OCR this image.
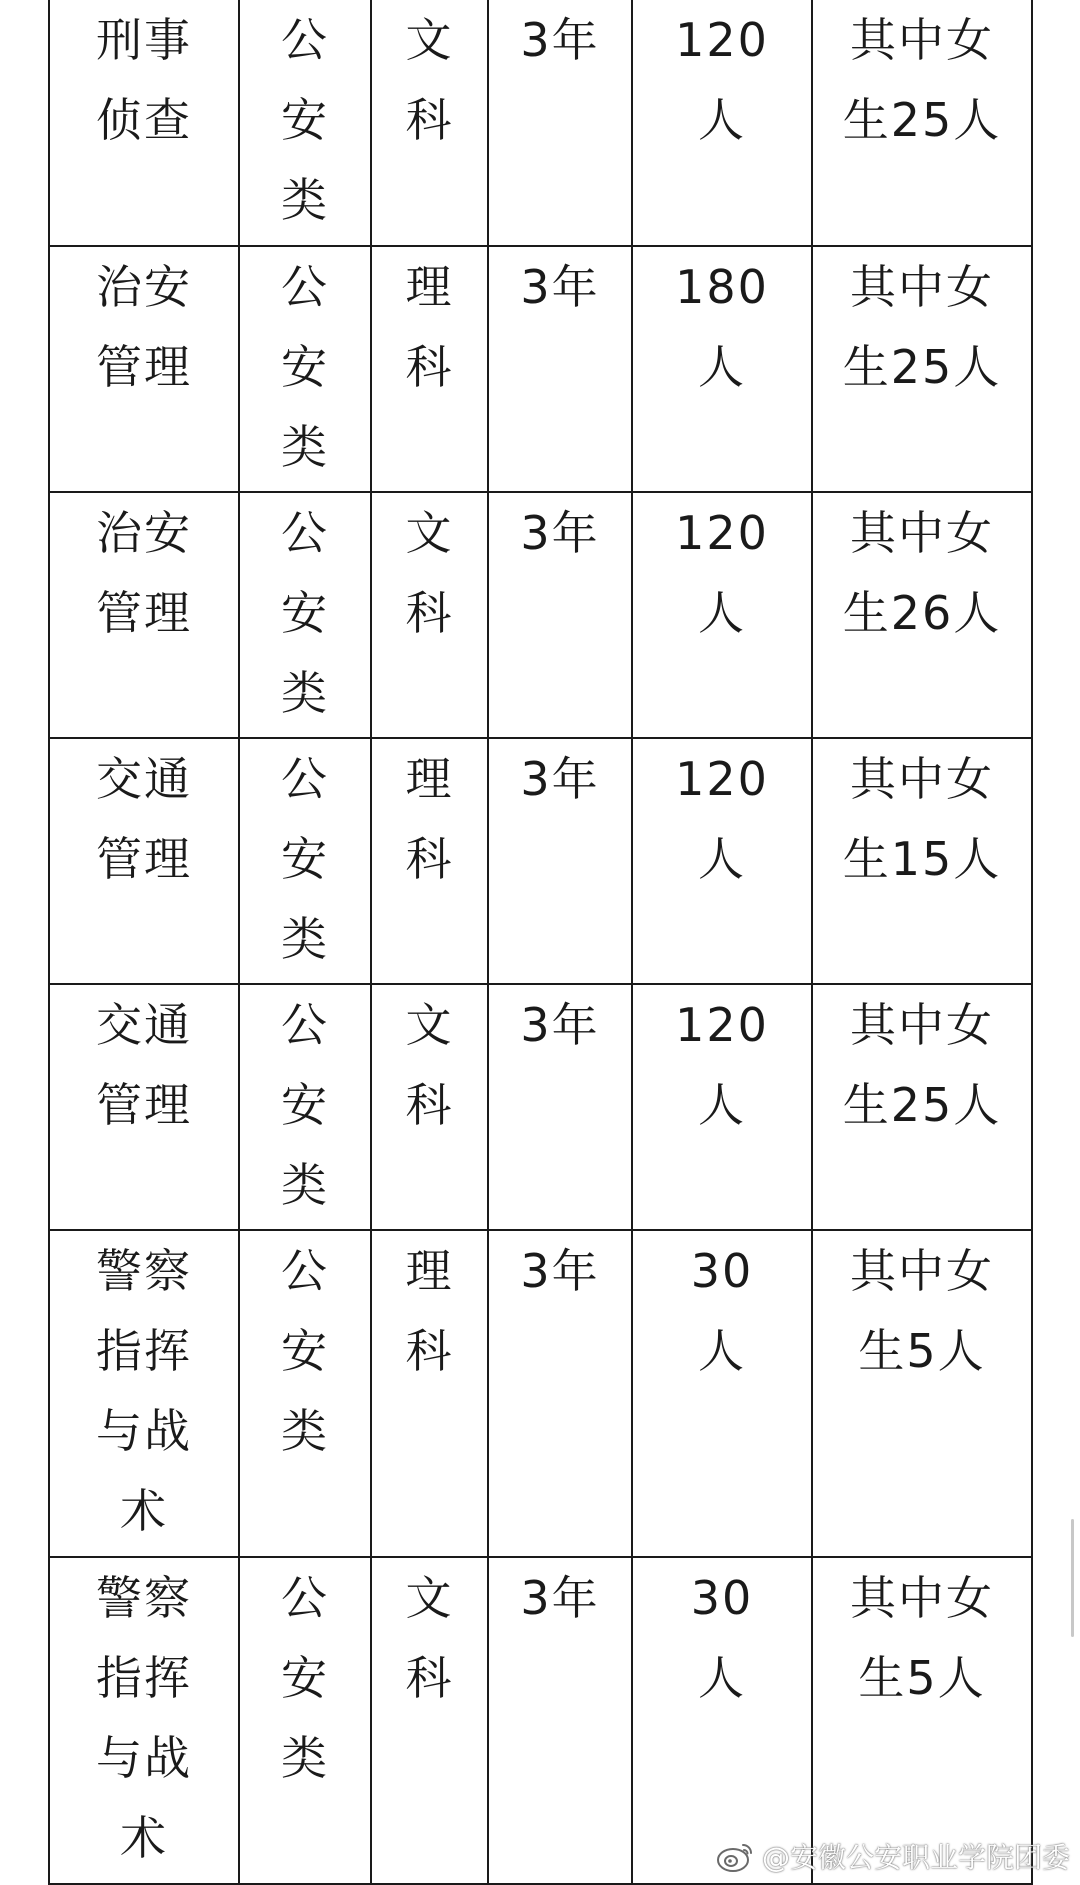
刑事侦查	公安类	文科	3年	120人	其中女生25人

治安管理	公安类	理科	3年	180人	其中女生25人

治安管理	公安类	文科	3年	120人	其中女生26人

交通管理	公安类	理科	3年	120人	其中女生15人

交通管理	公安类	文科	3年	120人	其中女生25人

警察指挥与战术	公安类	理科	3年	30人	其中女生5人

警察指挥与战术	公安类	文科	3年	30人	其中女生5人
@安徽公安职业学院团委
